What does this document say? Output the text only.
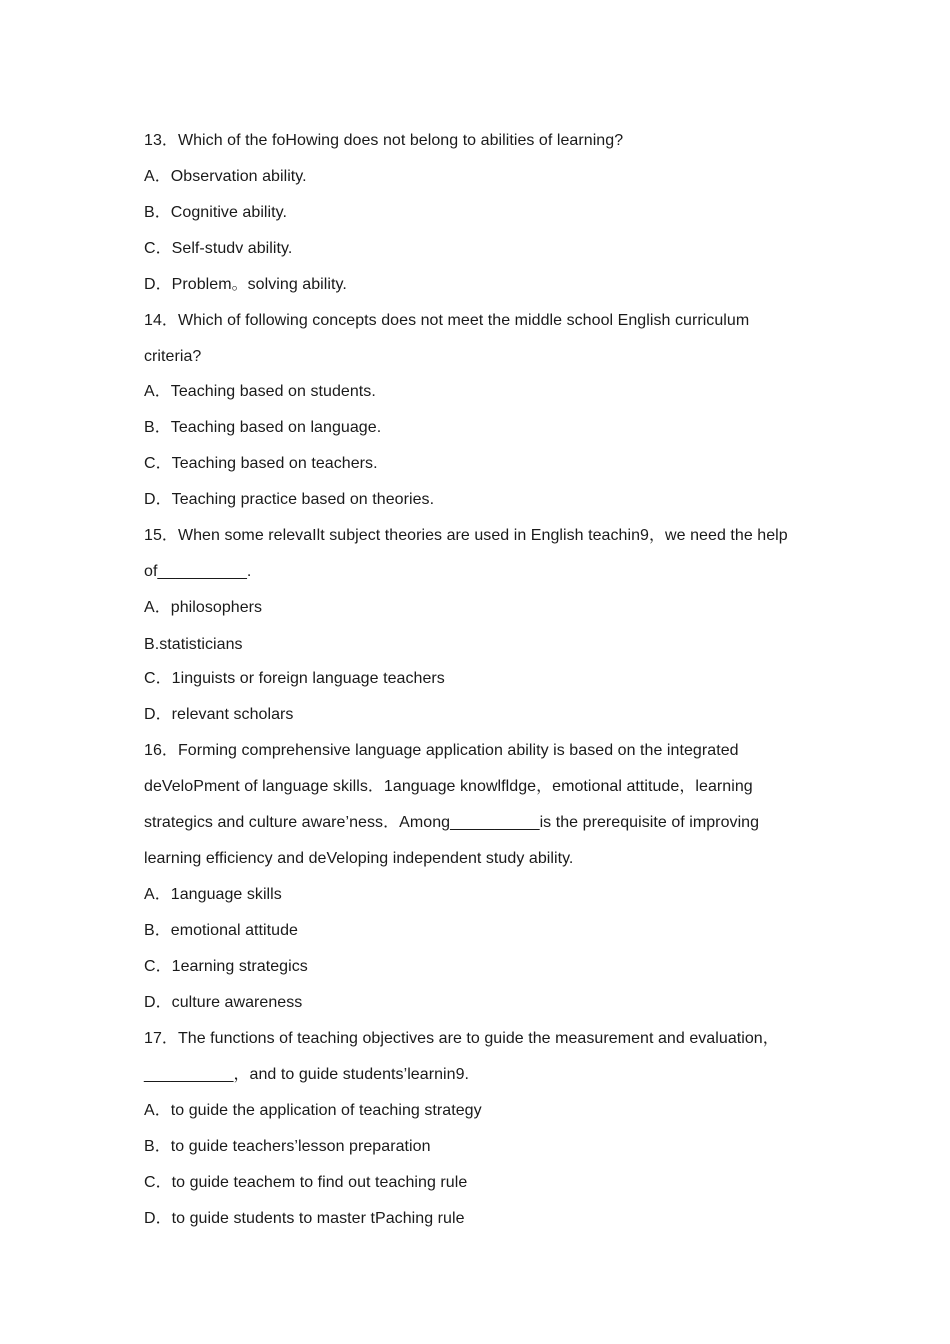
13．Which of the foHowing does not belong to abilities of learning?
A．Observation ability.
B．Cognitive ability.
C．Self-studv ability.
D．Problem。solving ability.
14．Which of following concepts does not meet the middle school English curriculum
criteria?
A．Teaching based on students.
B．Teaching based on language.
C．Teaching based on teachers.
D．Teaching practice based on theories.
15．When some relevaIlt subject theories are used in English teachin9，we need the help
of__________.
A．philosophers
B.statisticians
C．1inguists or foreign language teachers
D．relevant scholars
16．Forming comprehensive language application ability is based on the integrated
deVeloPment of language skills．1anguage knowlfldge，emotional attitude，learning
strategics and culture aware’ness．Among__________is the prerequisite of improving
learning efficiency and deVeloping independent study ability.
A．1anguage skills
B．emotional attitude
C．1earning strategics
D．culture awareness
17．The functions of teaching objectives are to guide the measurement and evaluation，
__________，and to guide students’learnin9.
A．to guide the application of teaching strategy
B．to guide teachers’lesson preparation
C．to guide teachem to find out teaching rule
D．to guide students to master tPaching rule
